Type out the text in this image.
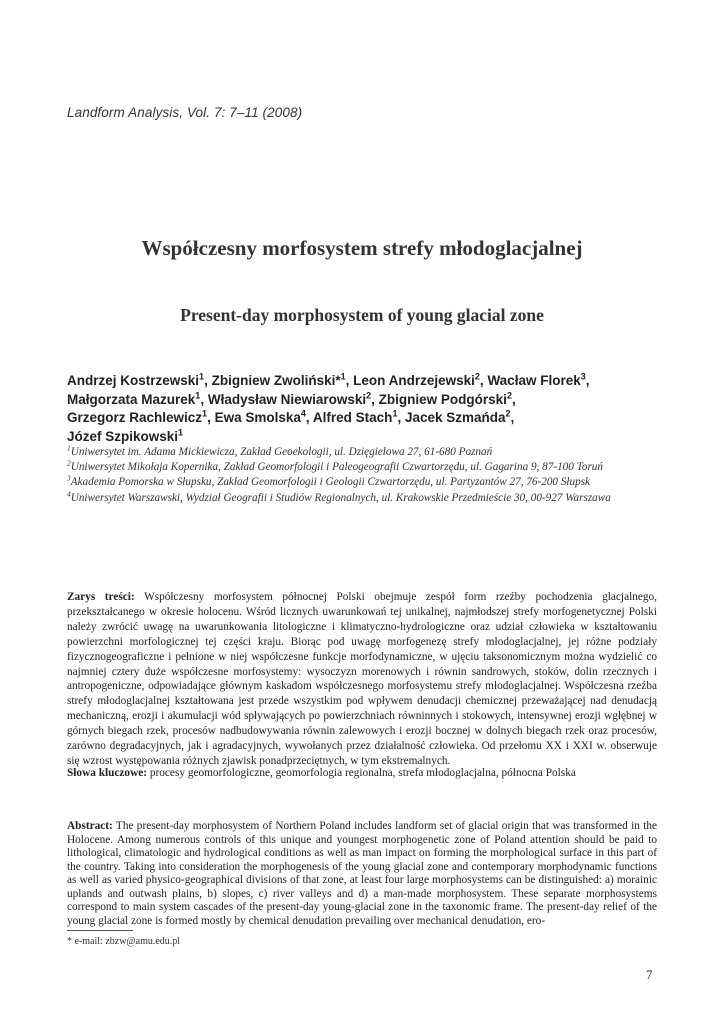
Landform Analysis, Vol. 7: 7–11 (2008)
Współczesny morfosystem strefy młodoglacjalnej
Present-day morphosystem of young glacial zone
Andrzej Kostrzewski$^1$, Zbigniew Zwoliński*$^1$, Leon Andrzejewski$^2$, Wacław Florek$^3$,
Małgorzata Mazurek$^1$, Władysław Niewiarowski$^2$, Zbigniew Podgórski$^2$,
Grzegorz Rachlewicz$^1$, Ewa Smolska$^4$, Alfred Stach$^1$, Jacek Szmańda$^2$,
Józef Szpikowski$^1$

$^1$Uniwersytet im. Adama Mickiewicza, Zakład Geoekologii, ul. Dzięgielowa 27, 61-680 Poznań

$^2$Uniwersytet Mikołaja Kopernika, Zakład Geomorfologii i Paleogeografii Czwartorzędu, ul. Gagarina 9, 87-100 Toruń

$^3$Akademia Pomorska w Słupsku, Zakład Geomorfologii i Geologii Czwartorzędu, ul. Partyzantów 27, 76-200 Słupsk

$^4$Uniwersytet Warszawski, Wydział Geografii i Studiów Regionalnych, ul. Krakowskie Przedmieście 30, 00-927 Warszawa

Zarys treści: Współczesny morfosystem północnej Polski obejmuje zespół form rzeźby pochodzenia glacjalnego, przekształcanego w okresie holocenu. Wśród licznych uwarunkowań tej unikalnej, najmłodszej strefy morfogenetycznej Polski należy zwrócić uwagę na uwarunkowania litologiczne i klimatyczno-hydrologiczne oraz udział człowieka w kształtowaniu powierzchni morfologicznej tej części kraju. Biorąc pod uwagę morfogenezę strefy młodoglacjalnej, jej różne podziały fizycznogeograficzne i pełnione w niej współczesne funkcje morfodynamiczne, w ujęciu taksonomicznym można wydzielić co najmniej cztery duże współczesne morfosystemy: wysoczyzn morenowych i równin sandrowych, stoków, dolin rzecznych i antropogeniczne, odpowiadające głównym kaskadom współczesnego morfosystemu strefy młodoglacjalnej. Współczesna rzeźba strefy młodoglacjalnej kształtowana jest przede wszystkim pod wpływem denudacji chemicznej przeważającej nad denudacją mechaniczną, erozji i akumulacji wód spływających po powierzchniach równinnych i stokowych, intensywnej erozji wgłębnej w górnych biegach rzek, procesów nadbudowywania równin zalewowych i erozji bocznej w dolnych biegach rzek oraz procesów, zarówno degradacyjnych, jak i agradacyjnych, wywołanych przez działalność człowieka. Od przełomu XX i XXI w. obserwuje się wzrost występowania różnych zjawisk ponadprzeciętnych, w tym ekstremalnych.

Słowa kluczowe: procesy geomorfologiczne, geomorfologia regionalna, strefa młodoglacjalna, północna Polska

Abstract: The present-day morphosystem of Northern Poland includes landform set of glacial origin that was transformed in the Holocene. Among numerous controls of this unique and youngest morphogenetic zone of Poland attention should be paid to lithological, climatologic and hydrological conditions as well as man impact on forming the morphological surface in this part of the country. Taking into consideration the morphogenesis of the young glacial zone and contemporary morphodynamic functions as well as varied physico-geographical divisions of that zone, at least four large morphosystems can be distinguished: a) morainic uplands and outwash plains, b) slopes, c) river valleys and d) a man-made morphosystem. These separate morphosystems correspond to main system cascades of the present-day young-glacial zone in the taxonomic frame. The present-day relief of the young glacial zone is formed mostly by chemical denudation prevailing over mechanical denudation, ero-

* e-mail: zbzw@amu.edu.pl
7
